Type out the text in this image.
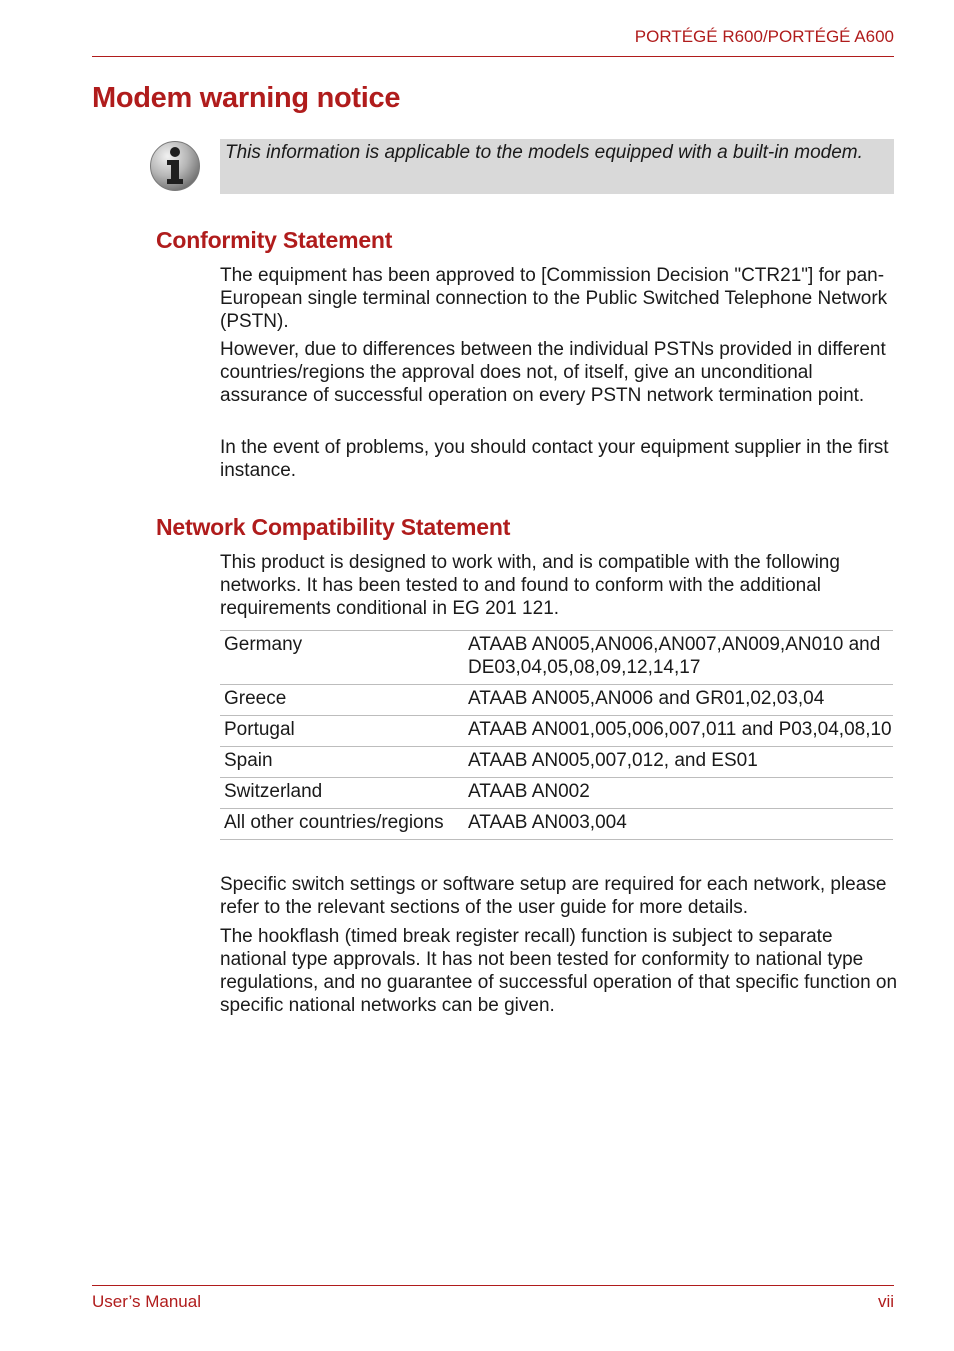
PORTÉGÉ R600/PORTÉGÉ A600
Modem warning notice
This information is applicable to the models equipped with a built-in modem.
Conformity Statement

The equipment has been approved to [Commission Decision "CTR21"] for pan-European single terminal connection to the Public Switched Telephone Network (PSTN).

However, due to differences between the individual PSTNs provided in different countries/regions the approval does not, of itself, give an unconditional assurance of successful operation on every PSTN network termination point.

In the event of problems, you should contact your equipment supplier in the first instance.

Network Compatibility Statement

This product is designed to work with, and is compatible with the following networks. It has been tested to and found to conform with the additional requirements conditional in EG 201 121.

Germany	ATAAB AN005,AN006,AN007,AN009,AN010 and DE03,04,05,08,09,12,14,17
Greece	ATAAB AN005,AN006 and GR01,02,03,04
Portugal	ATAAB AN001,005,006,007,011 and P03,04,08,10
Spain	ATAAB AN005,007,012, and ES01
Switzerland	ATAAB AN002
All other countries/regions	ATAAB AN003,004

Specific switch settings or software setup are required for each network, please refer to the relevant sections of the user guide for more details.

The hookflash (timed break register recall) function is subject to separate national type approvals. It has not been tested for conformity to national type regulations, and no guarantee of successful operation of that specific function on specific national networks can be given.

User’s Manual	vii
